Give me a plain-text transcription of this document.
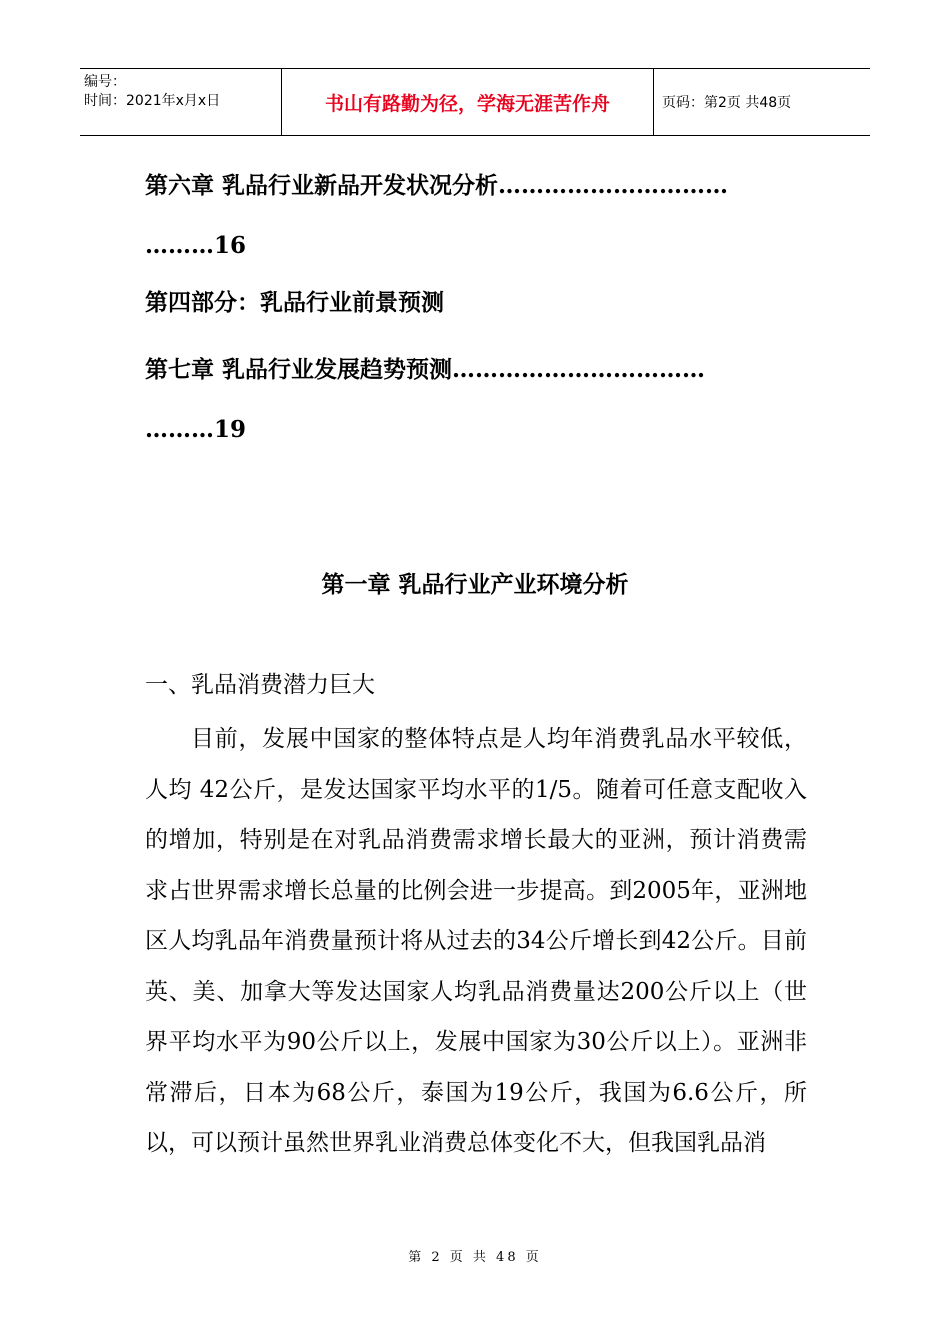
编号：
时间：2021年x月x日	书山有路勤为径，学海无涯苦作舟	页码：第2页 共48页
第六章 乳品行业新品开发状况分析…………………………
………16
第四部分：乳品行业前景预测
第七章 乳品行业发展趋势预测……………………………
………19
第一章 乳品行业产业环境分析
一、乳品消费潜力巨大
目前，发展中国家的整体特点是人均年消费乳品水平较低，人均 42公斤，是发达国家平均水平的1/5。随着可任意支配收入的增加，特别是在对乳品消费需求增长最大的亚洲，预计消费需求占世界需求增长总量的比例会进一步提高。到2005年，亚洲地区人均乳品年消费量预计将从过去的34公斤增长到42公斤。目前英、美、加拿大等发达国家人均乳品消费量达200公斤以上（世界平均水平为90公斤以上，发展中国家为30公斤以上）。亚洲非常滞后，日本为68公斤，泰国为19公斤，我国为6.6公斤，所以，可以预计虽然世界乳业消费总体变化不大，但我国乳品消
第 2 页 共 48 页
